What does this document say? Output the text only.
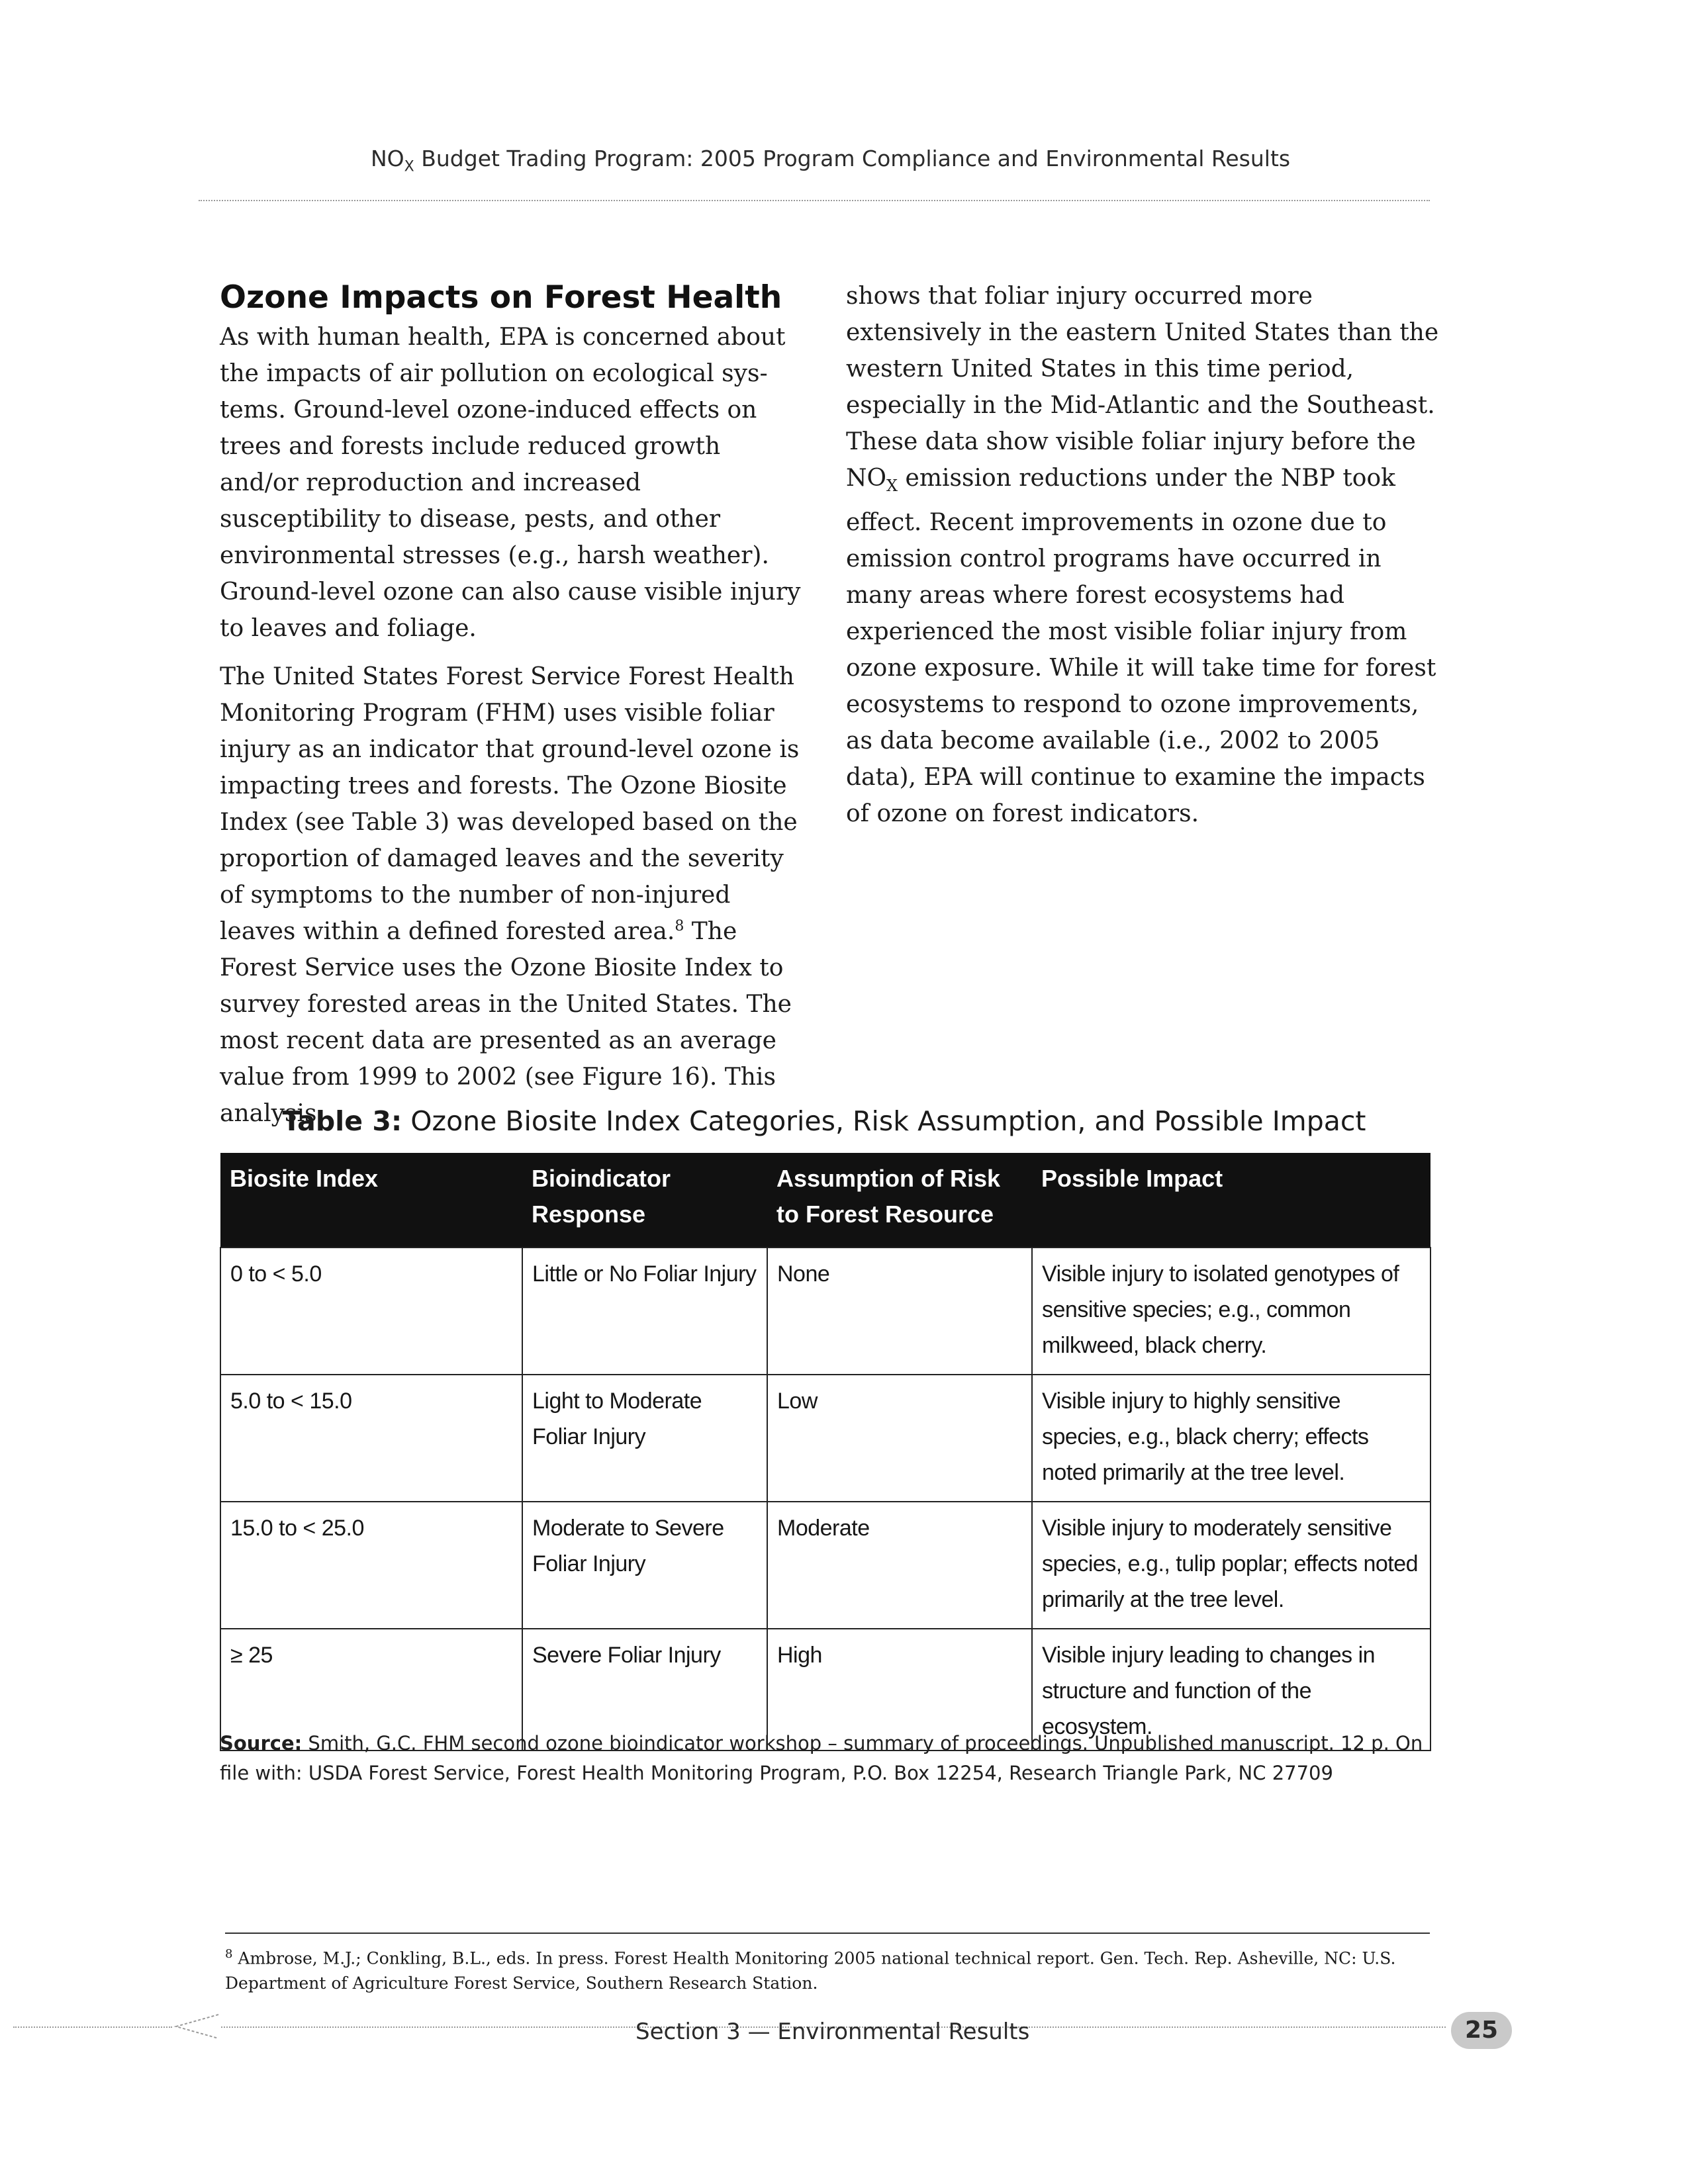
$NO_X$ Budget Trading Program: 2005 Program Compliance and Environmental Results
Ozone Impacts on Forest Health

As with human health, EPA is concerned about the impacts of air pollution on ecological systems. Ground-level ozone-induced effects on trees and forests include reduced growth and/or reproduction and increased susceptibility to disease, pests, and other environmental stresses (e.g., harsh weather). Ground-level ozone can also cause visible injury to leaves and foliage.

The United States Forest Service Forest Health Monitoring Program (FHM) uses visible foliar injury as an indicator that ground-level ozone is impacting trees and forests. The Ozone Biosite Index (see Table 3) was developed based on the proportion of damaged leaves and the severity of symptoms to the number of non-injured leaves within a defined forested area.$^8$ The Forest Service uses the Ozone Biosite Index to survey forested areas in the United States. The most recent data are presented as an average value from 1999 to 2002 (see Figure 16). This analysis

shows that foliar injury occurred more extensively in the eastern United States than the western United States in this time period, especially in the Mid-Atlantic and the Southeast. These data show visible foliar injury before the $NO_X$ emission reductions under the NBP took effect. Recent improvements in ozone due to emission control programs have occurred in many areas where forest ecosystems had experienced the most visible foliar injury from ozone exposure. While it will take time for forest ecosystems to respond to ozone improvements, as data become available (i.e., 2002 to 2005 data), EPA will continue to examine the impacts of ozone on forest indicators.

Table 3: Ozone Biosite Index Categories, Risk Assumption, and Possible Impact
Biosite Index	Bioindicator Response	Assumption of Risk to Forest Resource	Possible Impact
0 to < 5.0	Little or No Foliar Injury	None	Visible injury to isolated genotypes of sensitive species; e.g., common milkweed, black cherry.
5.0 to < 15.0	Light to Moderate Foliar Injury	Low	Visible injury to highly sensitive species, e.g., black cherry; effects noted primarily at the tree level.
15.0 to < 25.0	Moderate to Severe Foliar Injury	Moderate	Visible injury to moderately sensitive species, e.g., tulip poplar; effects noted primarily at the tree level.
≥ 25	Severe Foliar Injury	High	Visible injury leading to changes in structure and function of the ecosystem.
Source: Smith, G.C. FHM second ozone bioindicator workshop – summary of proceedings. Unpublished manuscript. 12 p. On file with: USDA Forest Service, Forest Health Monitoring Program, P.O. Box 12254, Research Triangle Park, NC 27709
$^8$ Ambrose, M.J.; Conkling, B.L., eds. In press. Forest Health Monitoring 2005 national technical report. Gen. Tech. Rep. Asheville, NC: U.S. Department of Agriculture Forest Service, Southern Research Station.
Section 3 — Environmental Results	25
